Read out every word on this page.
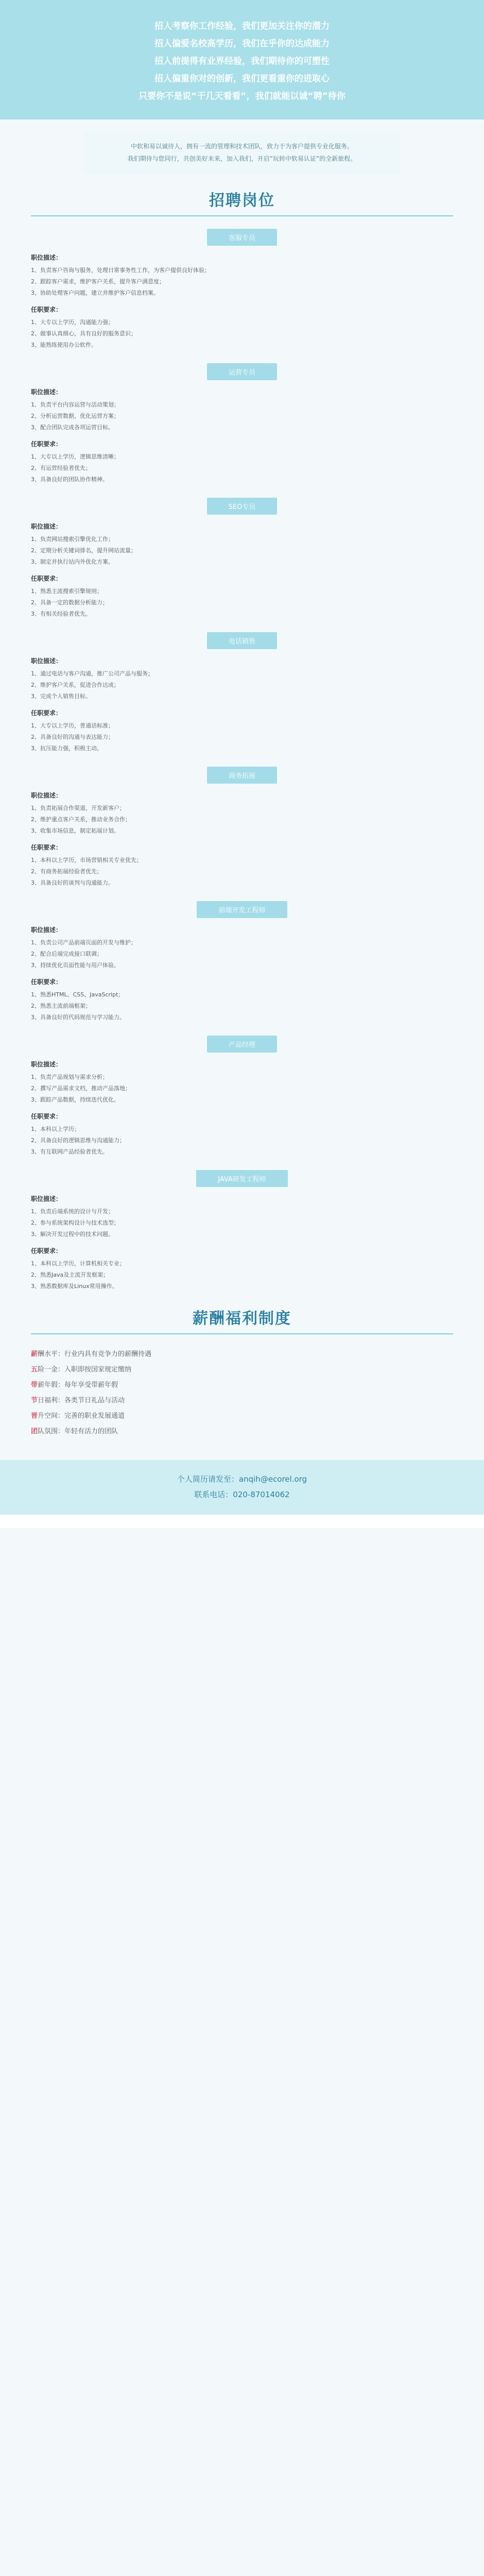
招人考察你工作经验，我们更加关注你的潜力

招人偏爱名校高学历，我们在乎你的达成能力

招人前提得有业界经验，我们期待你的可塑性

招人偏重你对的创新，我们更看重你的进取心

只要你不是说“干几天看看”，我们就能以诚“聘”待你

中软和易以诚待人，拥有一流的管理和技术团队，致力于为客户提供专业化服务。

我们期待与您同行，共创美好未来，加入我们，开启“玩转中软易认证”的全新旅程。

招聘岗位
客服专员

职位描述：

1、负责客户咨询与服务，处理日常事务性工作，为客户提供良好体验；

2、跟踪客户需求，维护客户关系，提升客户满意度；

3、协助处理客户问题，建立并维护客户信息档案。

任职要求：

1、大专以上学历，沟通能力强；

2、做事认真细心，具有良好的服务意识；

3、能熟练使用办公软件。

运营专员

职位描述：

1、负责平台内容运营与活动策划；

2、分析运营数据，优化运营方案；

3、配合团队完成各项运营目标。

任职要求：

1、大专以上学历，逻辑思维清晰；

2、有运营经验者优先；

3、具备良好的团队协作精神。

SEO专员

职位描述：

1、负责网站搜索引擎优化工作；

2、定期分析关键词排名，提升网站流量；

3、制定并执行站内外优化方案。

任职要求：

1、熟悉主流搜索引擎规则；

2、具备一定的数据分析能力；

3、有相关经验者优先。

电话销售

职位描述：

1、通过电话与客户沟通，推广公司产品与服务；

2、维护客户关系，促进合作达成；

3、完成个人销售目标。

任职要求：

1、大专以上学历，普通话标准；

2、具备良好的沟通与表达能力；

3、抗压能力强，积极主动。

商务拓展

职位描述：

1、负责拓展合作渠道，开发新客户；

2、维护重点客户关系，推动业务合作；

3、收集市场信息，制定拓展计划。

任职要求：

1、本科以上学历，市场营销相关专业优先；

2、有商务拓展经验者优先；

3、具备良好的谈判与沟通能力。

前端开发工程师

职位描述：

1、负责公司产品前端页面的开发与维护；

2、配合后端完成接口联调；

3、持续优化页面性能与用户体验。

任职要求：

1、熟悉HTML、CSS、JavaScript；

2、熟悉主流前端框架；

3、具备良好的代码规范与学习能力。

产品经理

职位描述：

1、负责产品规划与需求分析；

2、撰写产品需求文档，推动产品落地；

3、跟踪产品数据，持续迭代优化。

任职要求：

1、本科以上学历；

2、具备良好的逻辑思维与沟通能力；

3、有互联网产品经验者优先。

JAVA研发工程师

职位描述：

1、负责后端系统的设计与开发；

2、参与系统架构设计与技术选型；

3、解决开发过程中的技术问题。

任职要求：

1、本科以上学历，计算机相关专业；

2、熟悉Java及主流开发框架；

3、熟悉数据库及Linux常用操作。

薪酬福利制度

薪酬水平：行业内具有竞争力的薪酬待遇

五险一金：入职即按国家规定缴纳

带薪年假：每年享受带薪年假

节日福利：各类节日礼品与活动

晋升空间：完善的职业发展通道

团队氛围：年轻有活力的团队

个人简历请发至：anqih@ecorel.org

联系电话：020-87014062
